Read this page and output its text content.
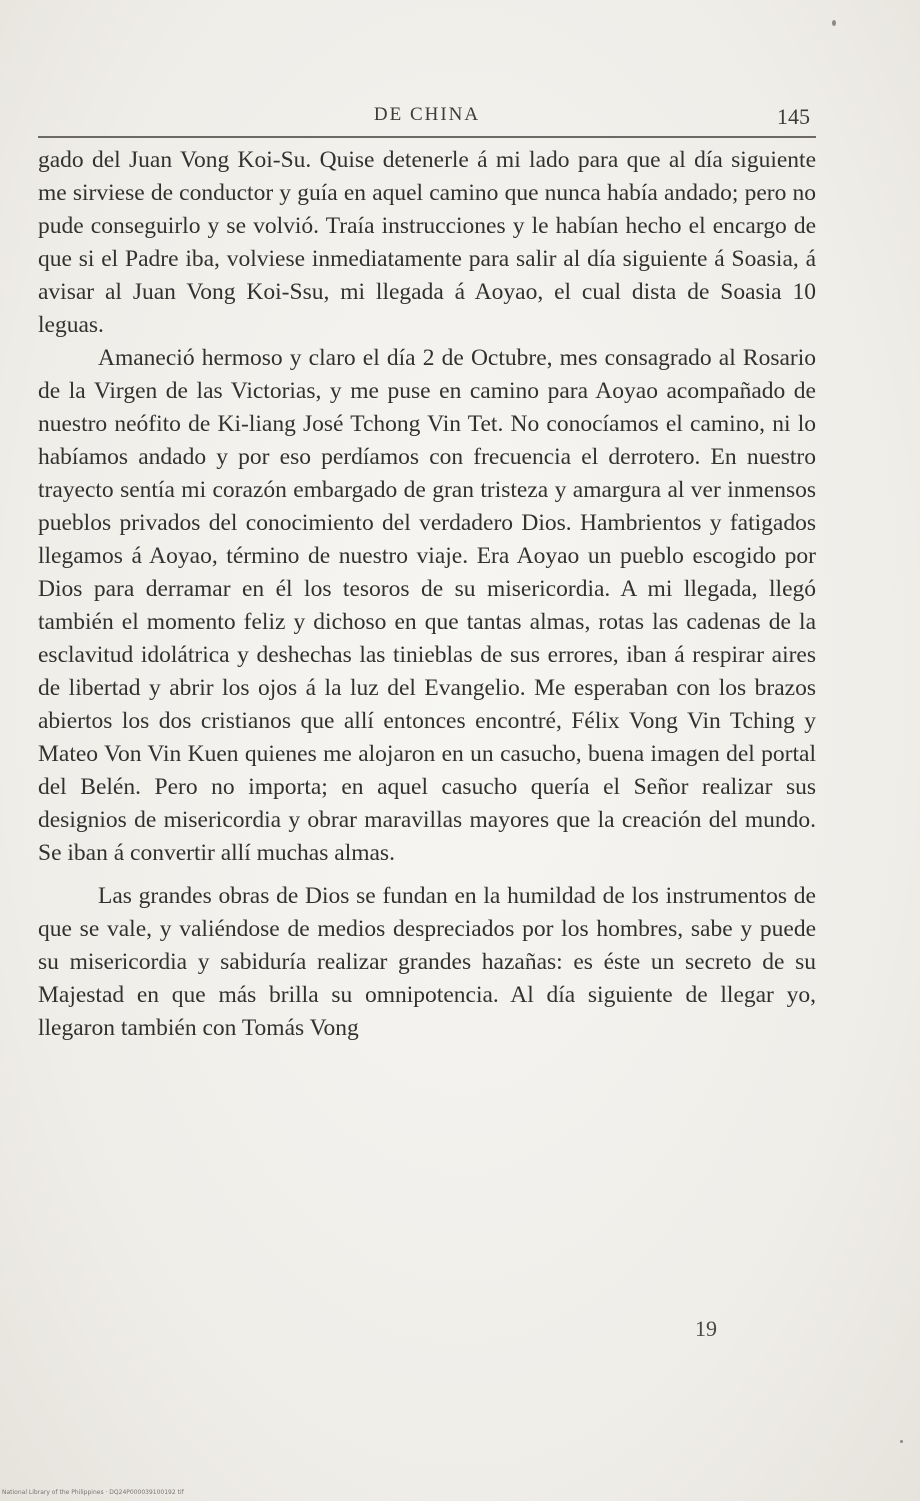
DE CHINA	145

gado del Juan Vong Koi-Su. Quise detenerle á mi lado para que al día siguiente me sirviese de conductor y guía en aquel camino que nunca había andado; pero no pude conseguirlo y se volvió. Traía instrucciones y le habían hecho el encargo de que si el Padre iba, volviese inmediatamente para salir al día siguiente á Soasia, á avisar al Juan Vong Koi-Ssu, mi llegada á Aoyao, el cual dista de Soasia 10 leguas.

Amaneció hermoso y claro el día 2 de Octubre, mes consagrado al Rosario de la Virgen de las Victorias, y me puse en camino para Aoyao acompañado de nuestro neófito de Ki-liang José Tchong Vin Tet. No conocíamos el camino, ni lo habíamos andado y por eso perdíamos con frecuencia el derrotero. En nuestro trayecto sentía mi corazón embargado de gran tristeza y amargura al ver inmensos pueblos privados del conocimiento del verdadero Dios. Hambrientos y fatigados llegamos á Aoyao, término de nuestro viaje. Era Aoyao un pueblo escogido por Dios para derramar en él los tesoros de su misericordia. A mi llegada, llegó también el momento feliz y dichoso en que tantas almas, rotas las cadenas de la esclavitud idolátrica y deshechas las tinieblas de sus errores, iban á respirar aires de libertad y abrir los ojos á la luz del Evangelio. Me esperaban con los brazos abiertos los dos cristianos que allí entonces encontré, Félix Vong Vin Tching y Mateo Von Vin Kuen quienes me alojaron en un casucho, buena imagen del portal del Belén. Pero no importa; en aquel casucho quería el Señor realizar sus designios de misericordia y obrar maravillas mayores que la creación del mundo. Se iban á convertir allí muchas almas.

Las grandes obras de Dios se fundan en la humildad de los instrumentos de que se vale, y valiéndose de medios despreciados por los hombres, sabe y puede su misericordia y sabiduría realizar grandes hazañas: es éste un secreto de su Majestad en que más brilla su omnipotencia. Al día siguiente de llegar yo, llegaron también con Tomás Vong

19
National Library of the Philippines · DQ24P000039100192 tif
